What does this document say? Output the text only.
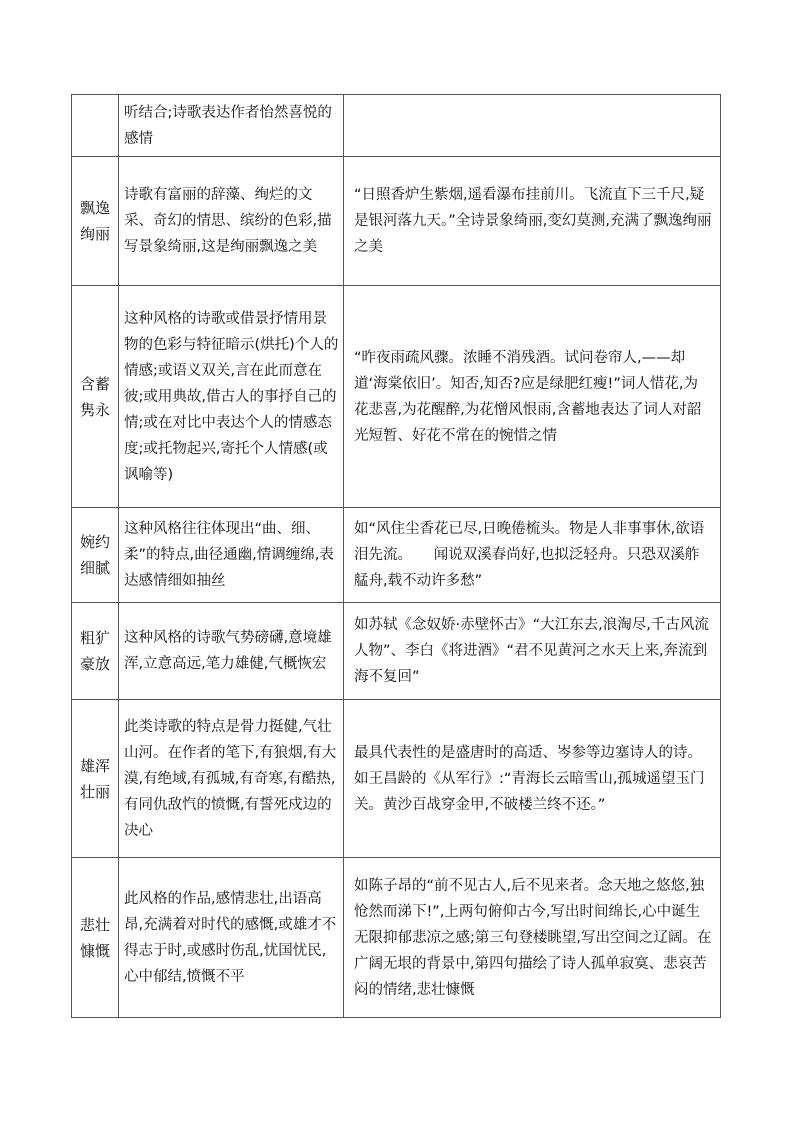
	听结合;诗歌表达作者怡然喜悦的感情	
飘逸绚丽	诗歌有富丽的辞藻、绚烂的文采、奇幻的情思、缤纷的色彩,描写景象绮丽,这是绚丽飘逸之美	“日照香炉生紫烟,遥看瀑布挂前川。飞流直下三千尺,疑是银河落九天。”全诗景象绮丽,变幻莫测,充满了飘逸绚丽之美
含蓄隽永	这种风格的诗歌或借景抒情用景物的色彩与特征暗示(烘托)个人的情感;或语义双关,言在此而意在彼;或用典故,借古人的事抒自己的情;或在对比中表达个人的情感态度;或托物起兴,寄托个人情感(或讽喻等)	“昨夜雨疏风骤。浓睡不消残酒。试问卷帘人,——却道‘海棠依旧’。知否,知否?应是绿肥红瘦!”词人惜花,为花悲喜,为花醒醉,为花憎风恨雨,含蓄地表达了词人对韶光短暂、好花不常在的惋惜之情
婉约细腻	这种风格往往体现出“曲、细、柔”的特点,曲径通幽,情调缠绵,表达感情细如抽丝	如“风住尘香花已尽,日晚倦梳头。物是人非事事休,欲语泪先流。　　闻说双溪春尚好,也拟泛轻舟。只恐双溪舴艋舟,载不动许多愁”
粗犷豪放	这种风格的诗歌气势磅礴,意境雄浑,立意高远,笔力雄健,气概恢宏	如苏轼《念奴娇·赤壁怀古》“大江东去,浪淘尽,千古风流人物”、李白《将进酒》“君不见黄河之水天上来,奔流到海不复回”
雄浑壮丽	此类诗歌的特点是骨力挺健,气壮山河。在作者的笔下,有狼烟,有大漠,有绝域,有孤城,有奇寒,有酷热,有同仇敌忾的愤慨,有誓死戍边的决心	最具代表性的是盛唐时的高适、岑参等边塞诗人的诗。如王昌龄的《从军行》:“青海长云暗雪山,孤城遥望玉门关。黄沙百战穿金甲,不破楼兰终不还。”
悲壮慷慨	此风格的作品,感情悲壮,出语高昂,充满着对时代的感慨,或雄才不得志于时,或感时伤乱,忧国忧民,心中郁结,愤慨不平	如陈子昂的“前不见古人,后不见来者。念天地之悠悠,独怆然而涕下!”,上两句俯仰古今,写出时间绵长,心中诞生无限抑郁悲凉之感;第三句登楼眺望,写出空间之辽阔。在广阔无垠的背景中,第四句描绘了诗人孤单寂寞、悲哀苦闷的情绪,悲壮慷慨
